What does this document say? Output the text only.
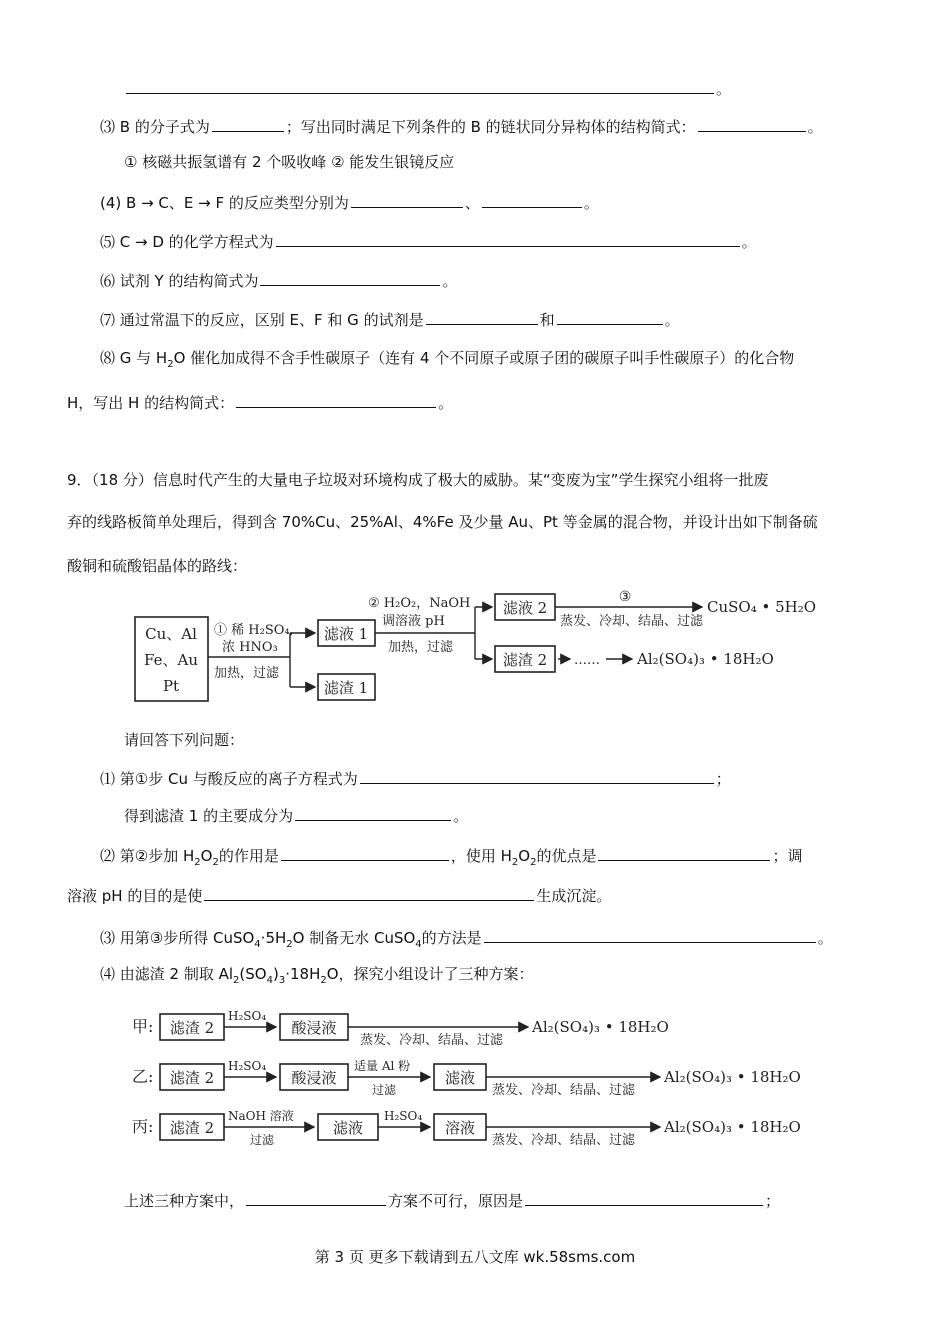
。
⑶ B 的分子式为	；写出同时满足下列条件的 B 的链状同分异构体的结构简式：	。
① 核磁共振氢谱有 2 个吸收峰 ② 能发生银镜反应
(4) B → C、E → F 的反应类型分别为	、	。
⑸ C → D 的化学方程式为	。
⑹ 试剂 Y 的结构简式为	。
⑺ 通过常温下的反应，区别 E、F 和 G 的试剂是	和	。
⑻ G 与 $H_2O$ 催化加成得不含手性碳原子（连有 4 个不同原子或原子团的碳原子叫手性碳原子）的化合物
H，写出 H 的结构简式：	。
9．（18 分）信息时代产生的大量电子垃圾对环境构成了极大的威胁。某“变废为宝”学生探究小组将一批废
弃的线路板简单处理后，得到含 70%Cu、25%Al、4%Fe 及少量 Au、Pt 等金属的混合物，并设计出如下制备硫
酸铜和硫酸铝晶体的路线：
Cu、Al
Fe、Au
Pt
① 稀 H₂SO₄,
浓 HNO₃
加热，过滤
滤液 1
滤渣 1
② H₂O₂，NaOH
调溶液 pH
加热，过滤
滤液 2
滤渣 2
③
蒸发、冷却、结晶、过滤
CuSO₄ • 5H₂O
…… Al₂(SO₄)₃ • 18H₂O
请回答下列问题：
⑴ 第①步 Cu 与酸反应的离子方程式为	；
得到滤渣 1 的主要成分为	。
⑵ 第②步加 $H_2O_2$的作用是	，使用 $H_2O_2$的优点是	；调
溶液 pH 的目的是使	生成沉淀。
⑶ 用第③步所得 $CuSO_4\cdot 5H_2O$ 制备无水 CuSO$_4$的方法是	。
⑷ 由滤渣 2 制取 $Al_2(SO_4)_3\cdot 18H_2O$，探究小组设计了三种方案：
甲: 滤渣 2
H₂SO₄
酸浸液
蒸发、冷却、结晶、过滤
Al₂(SO₄)₃ • 18H₂O
乙: 滤渣 2
H₂SO₄
酸浸液
适量 Al 粉
过滤
滤液
蒸发、冷却、结晶、过滤
Al₂(SO₄)₃ • 18H₂O
丙: 滤渣 2
NaOH 溶液
过滤
滤液
H₂SO₄
溶液
蒸发、冷却、结晶、过滤
Al₂(SO₄)₃ • 18H₂O
上述三种方案中，	方案不可行，原因是	；
第 3 页 更多下载请到五八文库 wk.58sms.com
